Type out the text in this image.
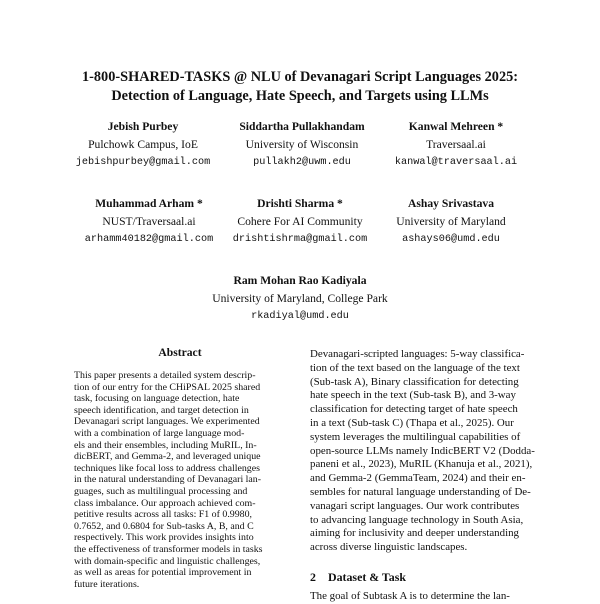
1-800-SHARED-TASKS @ NLU of Devanagari Script Languages 2025:
Detection of Language, Hate Speech, and Targets using LLMs
Jebish Purbey
Pulchowk Campus, IoE
jebishpurbey@gmail.com
Siddartha Pullakhandam
University of Wisconsin
pullakh2@uwm.edu
Kanwal Mehreen *
Traversaal.ai
kanwal@traversaal.ai
Muhammad Arham *
NUST/Traversaal.ai
arhamm40182@gmail.com
Drishti Sharma *
Cohere For AI Community
drishtishrma@gmail.com
Ashay Srivastava
University of Maryland
ashays06@umd.edu
Ram Mohan Rao Kadiyala
University of Maryland, College Park
rkadiyal@umd.edu
Abstract
This paper presents a detailed system descrip-
tion of our entry for the CHiPSAL 2025 shared
task, focusing on language detection, hate
speech identification, and target detection in
Devanagari script languages. We experimented
with a combination of large language mod-
els and their ensembles, including MuRIL, In-
dicBERT, and Gemma-2, and leveraged unique
techniques like focal loss to address challenges
in the natural understanding of Devanagari lan-
guages, such as multilingual processing and
class imbalance. Our approach achieved com-
petitive results across all tasks: F1 of 0.9980,
0.7652, and 0.6804 for Sub-tasks A, B, and C
respectively. This work provides insights into
the effectiveness of transformer models in tasks
with domain-specific and linguistic challenges,
as well as areas for potential improvement in
future iterations.
Devanagari-scripted languages: 5-way classifica-
tion of the text based on the language of the text
(Sub-task A), Binary classification for detecting
hate speech in the text (Sub-task B), and 3-way
classification for detecting target of hate speech
in a text (Sub-task C) (Thapa et al., 2025). Our
system leverages the multilingual capabilities of
open-source LLMs namely IndicBERT V2 (Dodda-
paneni et al., 2023), MuRIL (Khanuja et al., 2021),
and Gemma-2 (GemmaTeam, 2024) and their en-
sembles for natural language understanding of De-
vanagari script languages. Our work contributes
to advancing language technology in South Asia,
aiming for inclusivity and deeper understanding
across diverse linguistic landscapes.
2 Dataset & Task
The goal of Subtask A is to determine the lan-
